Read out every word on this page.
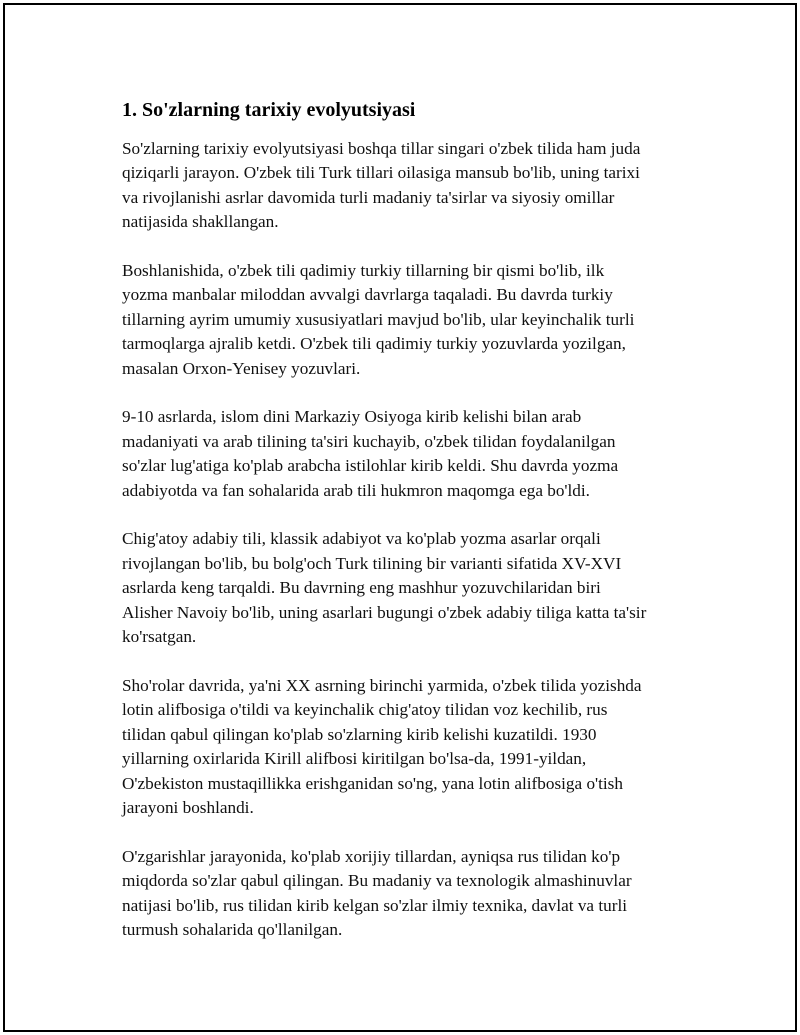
1. So'zlarning tarixiy evolyutsiyasi

So'zlarning tarixiy evolyutsiyasi boshqa tillar singari o'zbek tilida ham juda
qiziqarli jarayon. O'zbek tili Turk tillari oilasiga mansub bo'lib, uning tarixi
va rivojlanishi asrlar davomida turli madaniy ta'sirlar va siyosiy omillar
natijasida shakllangan.

Boshlanishida, o'zbek tili qadimiy turkiy tillarning bir qismi bo'lib, ilk
yozma manbalar miloddan avvalgi davrlarga taqaladi. Bu davrda turkiy
tillarning ayrim umumiy xususiyatlari mavjud bo'lib, ular keyinchalik turli
tarmoqlarga ajralib ketdi. O'zbek tili qadimiy turkiy yozuvlarda yozilgan,
masalan Orxon-Yenisey yozuvlari.

9-10 asrlarda, islom dini Markaziy Osiyoga kirib kelishi bilan arab
madaniyati va arab tilining ta'siri kuchayib, o'zbek tilidan foydalanilgan
so'zlar lug'atiga ko'plab arabcha istilohlar kirib keldi. Shu davrda yozma
adabiyotda va fan sohalarida arab tili hukmron maqomga ega bo'ldi.

Chig'atoy adabiy tili, klassik adabiyot va ko'plab yozma asarlar orqali
rivojlangan bo'lib, bu bolg'och Turk tilining bir varianti sifatida XV-XVI
asrlarda keng tarqaldi. Bu davrning eng mashhur yozuvchilaridan biri
Alisher Navoiy bo'lib, uning asarlari bugungi o'zbek adabiy tiliga katta ta'sir
ko'rsatgan.

Sho'rolar davrida, ya'ni XX asrning birinchi yarmida, o'zbek tilida yozishda
lotin alifbosiga o'tildi va keyinchalik chig'atoy tilidan voz kechilib, rus
tilidan qabul qilingan ko'plab so'zlarning kirib kelishi kuzatildi. 1930
yillarning oxirlarida Kirill alifbosi kiritilgan bo'lsa-da, 1991-yildan,
O'zbekiston mustaqillikka erishganidan so'ng, yana lotin alifbosiga o'tish
jarayoni boshlandi.

O'zgarishlar jarayonida, ko'plab xorijiy tillardan, ayniqsa rus tilidan ko'p
miqdorda so'zlar qabul qilingan. Bu madaniy va texnologik almashinuvlar
natijasi bo'lib, rus tilidan kirib kelgan so'zlar ilmiy texnika, davlat va turli
turmush sohalarida qo'llanilgan.
